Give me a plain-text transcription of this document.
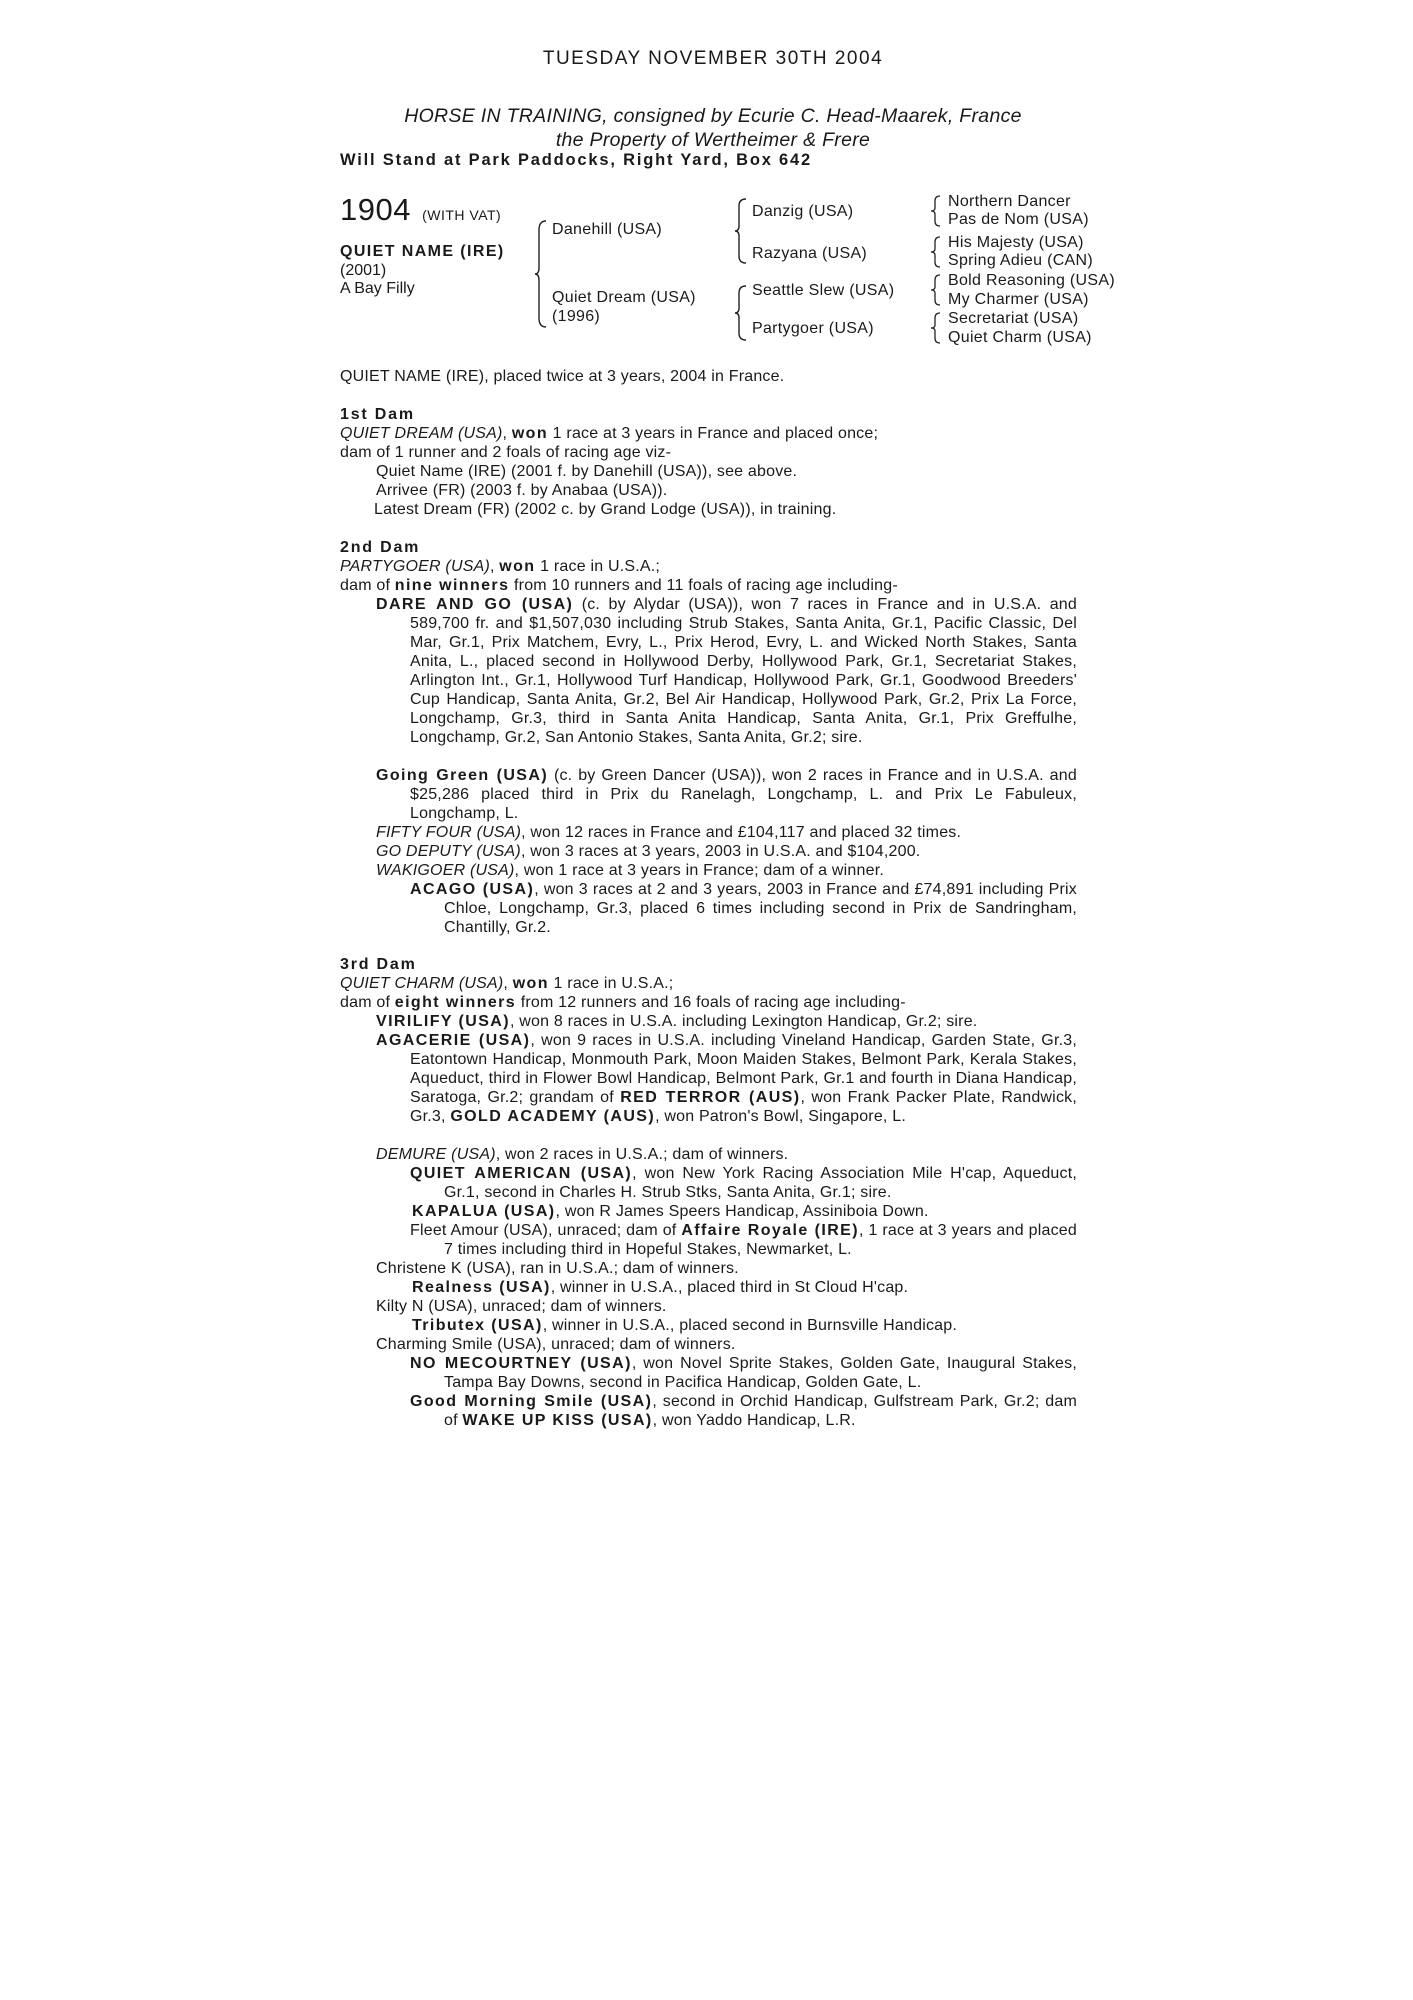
TUESDAY NOVEMBER 30TH 2004
HORSE IN TRAINING, consigned by Ecurie C. Head-Maarek, France
the Property of Wertheimer & Frere
Will Stand at Park Paddocks, Right Yard, Box 642
1904 (WITH VAT)
QUIET NAME (IRE)
(2001)
A Bay Filly
Danehill (USA)
Quiet Dream (USA)
(1996)
Danzig (USA)
Razyana (USA)
Seattle Slew (USA)
Partygoer (USA)
Northern Dancer
Pas de Nom (USA)
His Majesty (USA)
Spring Adieu (CAN)
Bold Reasoning (USA)
My Charmer (USA)
Secretariat (USA)
Quiet Charm (USA)
QUIET NAME (IRE), placed twice at 3 years, 2004 in France.
1st Dam
QUIET DREAM (USA), won 1 race at 3 years in France and placed once;
dam of 1 runner and 2 foals of racing age viz-
Quiet Name (IRE) (2001 f. by Danehill (USA)), see above.
Arrivee (FR) (2003 f. by Anabaa (USA)).
Latest Dream (FR) (2002 c. by Grand Lodge (USA)), in training.
2nd Dam
PARTYGOER (USA), won 1 race in U.S.A.;
dam of nine winners from 10 runners and 11 foals of racing age including-
DARE AND GO (USA) (c. by Alydar (USA)), won 7 races in France and in U.S.A. and 589,700 fr. and $1,507,030 including Strub Stakes, Santa Anita, Gr.1, Pacific Classic, Del Mar, Gr.1, Prix Matchem, Evry, L., Prix Herod, Evry, L. and Wicked North Stakes, Santa Anita, L., placed second in Hollywood Derby, Hollywood Park, Gr.1, Secretariat Stakes, Arlington Int., Gr.1, Hollywood Turf Handicap, Hollywood Park, Gr.1, Goodwood Breeders' Cup Handicap, Santa Anita, Gr.2, Bel Air Handicap, Hollywood Park, Gr.2, Prix La Force, Longchamp, Gr.3, third in Santa Anita Handicap, Santa Anita, Gr.1, Prix Greffulhe, Longchamp, Gr.2, San Antonio Stakes, Santa Anita, Gr.2; sire.
Going Green (USA) (c. by Green Dancer (USA)), won 2 races in France and in U.S.A. and $25,286 placed third in Prix du Ranelagh, Longchamp, L. and Prix Le Fabuleux, Longchamp, L.
FIFTY FOUR (USA), won 12 races in France and £104,117 and placed 32 times.
GO DEPUTY (USA), won 3 races at 3 years, 2003 in U.S.A. and $104,200.
WAKIGOER (USA), won 1 race at 3 years in France; dam of a winner.
ACAGO (USA), won 3 races at 2 and 3 years, 2003 in France and £74,891 including Prix Chloe, Longchamp, Gr.3, placed 6 times including second in Prix de Sandringham, Chantilly, Gr.2.
3rd Dam
QUIET CHARM (USA), won 1 race in U.S.A.;
dam of eight winners from 12 runners and 16 foals of racing age including-
VIRILIFY (USA), won 8 races in U.S.A. including Lexington Handicap, Gr.2; sire.
AGACERIE (USA), won 9 races in U.S.A. including Vineland Handicap, Garden State, Gr.3, Eatontown Handicap, Monmouth Park, Moon Maiden Stakes, Belmont Park, Kerala Stakes, Aqueduct, third in Flower Bowl Handicap, Belmont Park, Gr.1 and fourth in Diana Handicap, Saratoga, Gr.2; grandam of RED TERROR (AUS), won Frank Packer Plate, Randwick, Gr.3, GOLD ACADEMY (AUS), won Patron's Bowl, Singapore, L.
DEMURE (USA), won 2 races in U.S.A.; dam of winners.
QUIET AMERICAN (USA), won New York Racing Association Mile H'cap, Aqueduct, Gr.1, second in Charles H. Strub Stks, Santa Anita, Gr.1; sire.
KAPALUA (USA), won R James Speers Handicap, Assiniboia Down.
Fleet Amour (USA), unraced; dam of Affaire Royale (IRE), 1 race at 3 years and placed 7 times including third in Hopeful Stakes, Newmarket, L.
Christene K (USA), ran in U.S.A.; dam of winners.
Realness (USA), winner in U.S.A., placed third in St Cloud H'cap.
Kilty N (USA), unraced; dam of winners.
Tributex (USA), winner in U.S.A., placed second in Burnsville Handicap.
Charming Smile (USA), unraced; dam of winners.
NO MECOURTNEY (USA), won Novel Sprite Stakes, Golden Gate, Inaugural Stakes, Tampa Bay Downs, second in Pacifica Handicap, Golden Gate, L.
Good Morning Smile (USA), second in Orchid Handicap, Gulfstream Park, Gr.2; dam of WAKE UP KISS (USA), won Yaddo Handicap, L.R.
